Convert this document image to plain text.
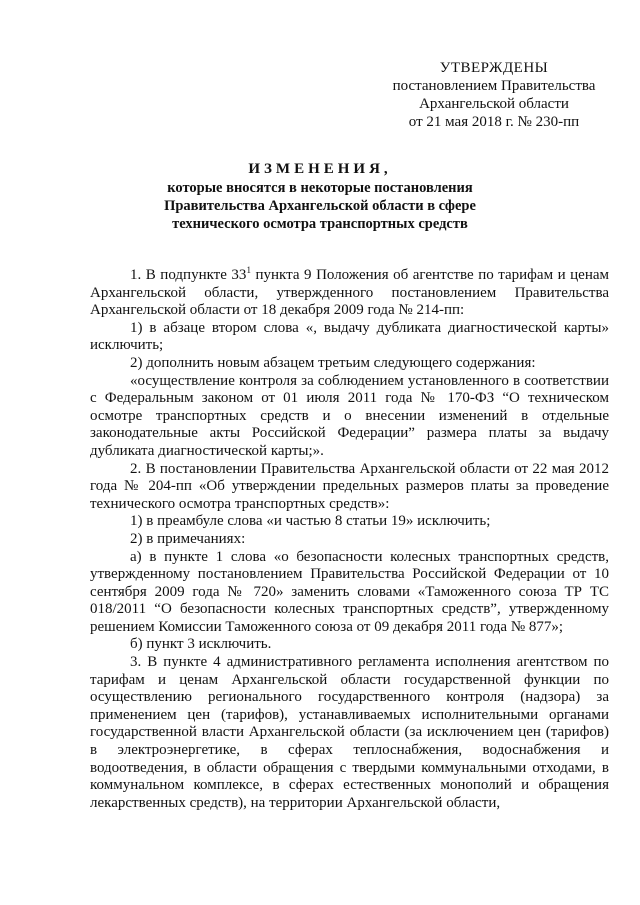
УТВЕРЖДЕНЫ
постановлением Правительства
Архангельской области
от 21 мая 2018 г. № 230-пп
ИЗМЕНЕНИЯ,
которые вносятся в некоторые постановления
Правительства Архангельской области в сфере
технического осмотра транспортных средств

1. В подпункте $33^1$ пункта 9 Положения об агентстве по тарифам и ценам Архангельской области, утвержденного постановлением Правительства Архангельской области от 18 декабря 2009 года № 214-пп:

1) в абзаце втором слова «, выдачу дубликата диагностической карты» исключить;

2) дополнить новым абзацем третьим следующего содержания:

«осуществление контроля за соблюдением установленного в соответствии с Федеральным законом от 01 июля 2011 года № 170-ФЗ “О техническом осмотре транспортных средств и о внесении изменений в отдельные законодательные акты Российской Федерации” размера платы за выдачу дубликата диагностической карты;».

2. В постановлении Правительства Архангельской области от 22 мая 2012 года № 204-пп «Об утверждении предельных размеров платы за проведение технического осмотра транспортных средств»:

1) в преамбуле слова «и частью 8 статьи 19» исключить;

2) в примечаниях:

а) в пункте 1 слова «о безопасности колесных транспортных средств, утвержденному постановлением Правительства Российской Федерации от 10 сентября 2009 года № 720» заменить словами «Таможенного союза ТР ТС 018/2011 “О безопасности колесных транспортных средств”, утвержденному решением Комиссии Таможенного союза от 09 декабря 2011 года № 877»;

б) пункт 3 исключить.

3. В пункте 4 административного регламента исполнения агентством по тарифам и ценам Архангельской области государственной функции по осуществлению регионального государственного контроля (надзора) за применением цен (тарифов), устанавливаемых исполнительными органами государственной власти Архангельской области (за исключением цен (тарифов) в электроэнергетике, в сферах теплоснабжения, водоснабжения и водоотведения, в области обращения с твердыми коммунальными отходами, в коммунальном комплексе, в сферах естественных монополий и обращения лекарственных средств), на территории Архангельской области,
